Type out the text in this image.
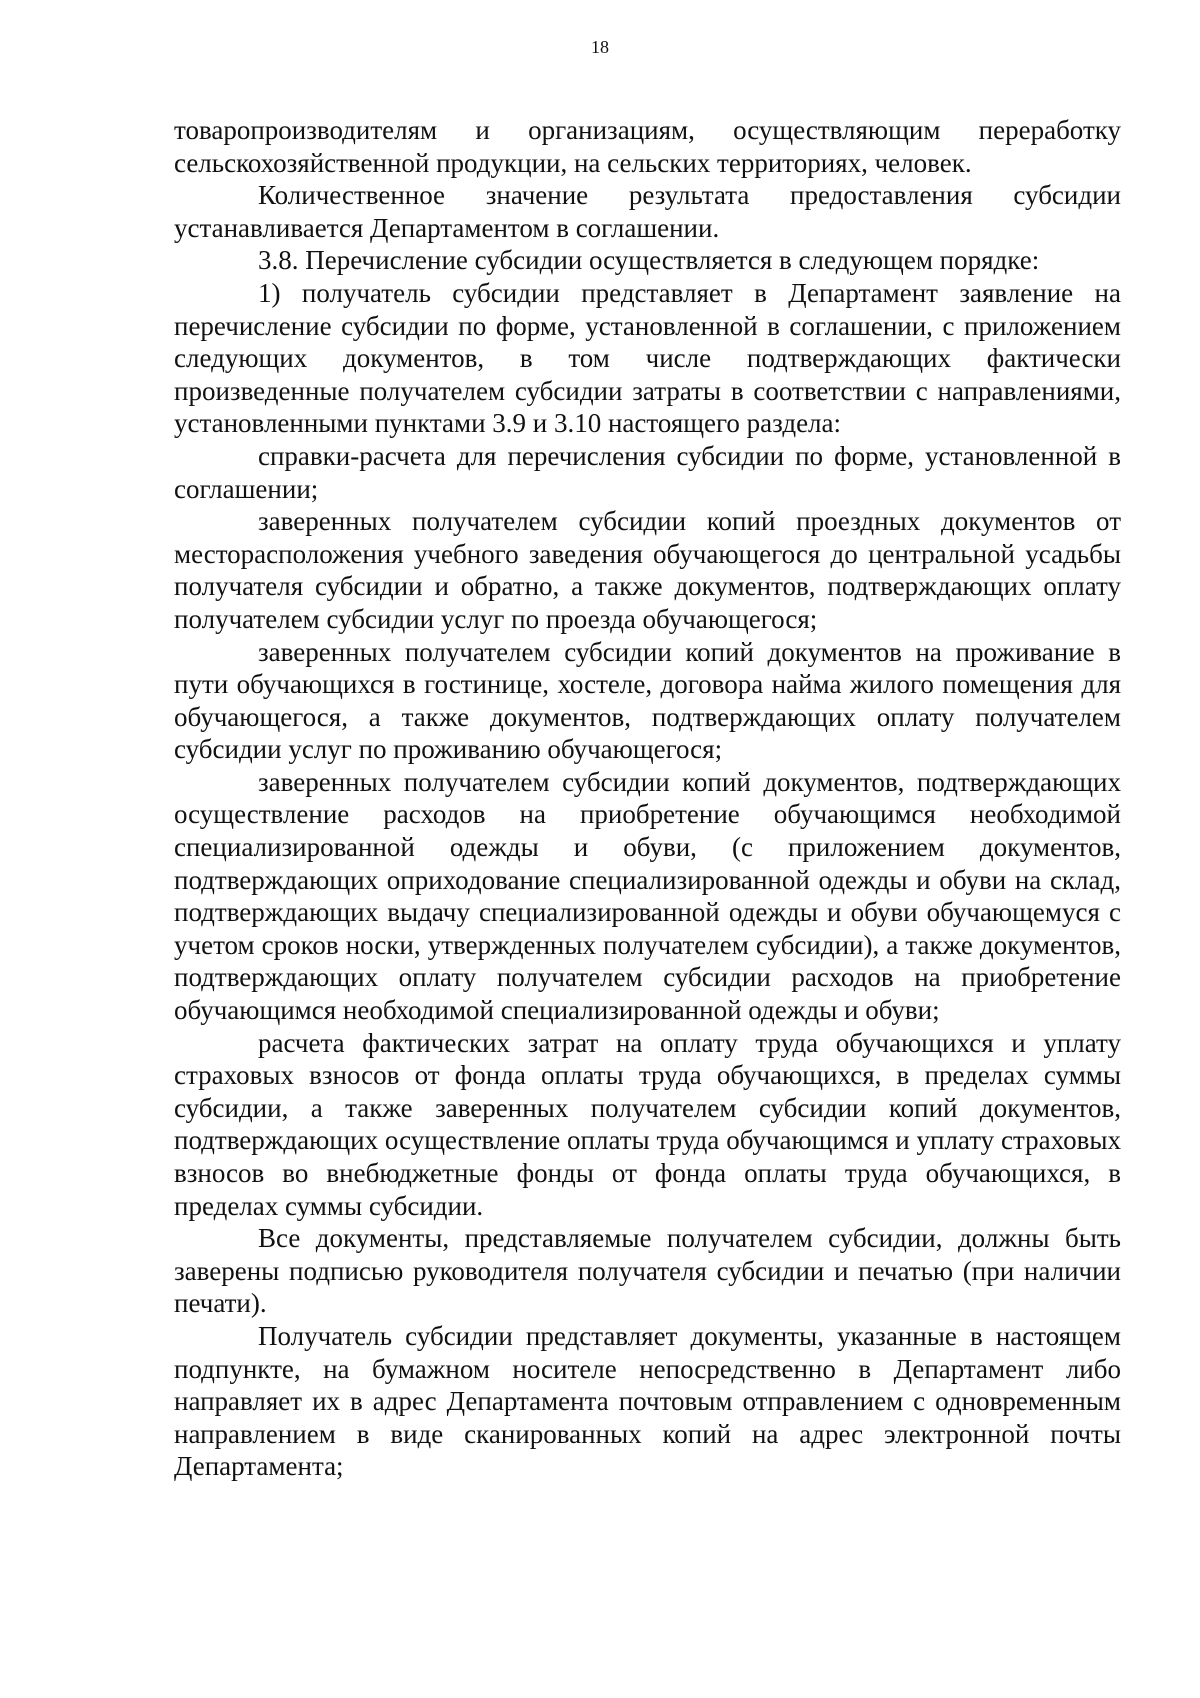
18

товаропроизводителям и организациям, осуществляющим переработку сельскохозяйственной продукции, на сельских территориях, человек.

Количественное значение результата предоставления субсидии устанавливается Департаментом в соглашении.

3.8. Перечисление субсидии осуществляется в следующем порядке:

1) получатель субсидии представляет в Департамент заявление на перечисление субсидии по форме, установленной в соглашении, с приложением следующих документов, в том числе подтверждающих фактически произведенные получателем субсидии затраты в соответствии с направлениями, установленными пунктами 3.9 и 3.10 настоящего раздела:

справки-расчета для перечисления субсидии по форме, установленной в соглашении;

заверенных получателем субсидии копий проездных документов от месторасположения учебного заведения обучающегося до центральной усадьбы получателя субсидии и обратно, а также документов, подтверждающих оплату получателем субсидии услуг по проезда обучающегося;

заверенных получателем субсидии копий документов на проживание в пути обучающихся в гостинице, хостеле, договора найма жилого помещения для обучающегося, а также документов, подтверждающих оплату получателем субсидии услуг по проживанию обучающегося;

заверенных получателем субсидии копий документов, подтверждающих осуществление расходов на приобретение обучающимся необходимой специализированной одежды и обуви, (с приложением документов, подтверждающих оприходование специализированной одежды и обуви на склад, подтверждающих выдачу специализированной одежды и обуви обучающемуся с учетом сроков носки, утвержденных получателем субсидии), а также документов, подтверждающих оплату получателем субсидии расходов на приобретение обучающимся необходимой специализированной одежды и обуви;

расчета фактических затрат на оплату труда обучающихся и уплату страховых взносов от фонда оплаты труда обучающихся, в пределах суммы субсидии, а также заверенных получателем субсидии копий документов, подтверждающих осуществление оплаты труда обучающимся и уплату страховых взносов во внебюджетные фонды от фонда оплаты труда обучающихся, в пределах суммы субсидии.

Все документы, представляемые получателем субсидии, должны быть заверены подписью руководителя получателя субсидии и печатью (при наличии печати).

Получатель субсидии представляет документы, указанные в настоящем подпункте, на бумажном носителе непосредственно в Департамент либо направляет их в адрес Департамента почтовым отправлением с одновременным направлением в виде сканированных копий на адрес электронной почты Департамента;
